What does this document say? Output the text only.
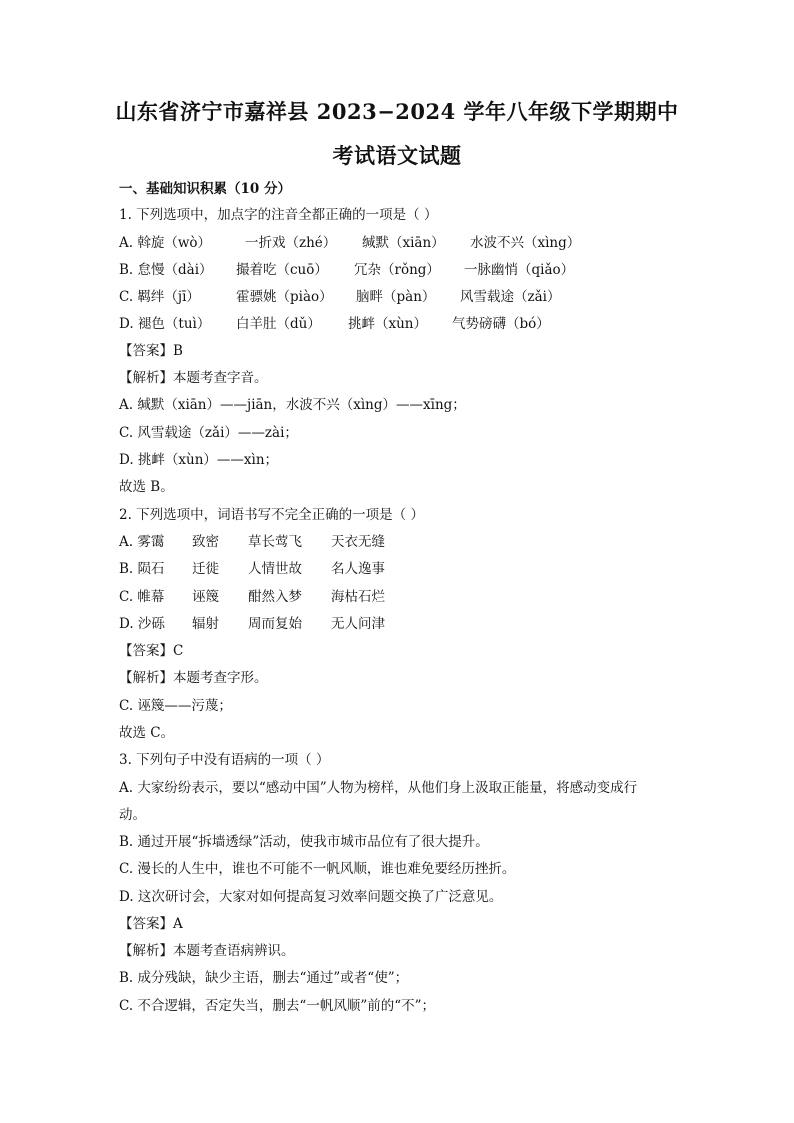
山东省济宁市嘉祥县 2023−2024 学年八年级下学期期中
考试语文试题
一、基础知识积累（10 分）
1. 下列选项中，加点字的注音全都正确的一项是（ ）
A. 斡旋（wò）	一折戏（zhé） 缄默（xiān） 水波不兴（xìng）
B. 怠慢（dài） 撮着吃（cuō） 冗杂（rǒng） 一脉幽悄（qiǎo）
C. 羁绊（jī）	霍骠姚（piào） 脑畔（pàn） 风雪载途（zǎi）
D. 褪色（tuì） 白羊肚（dǔ） 挑衅（xùn） 气势磅礴（bó）
【答案】B
【解析】本题考查字音。
A. 缄默（xiān）——jiān，水波不兴（xìng）——xīng；
C. 风雪载途（zǎi）——zài；
D. 挑衅（xùn）——xìn；
故选 B。
2. 下列选项中，词语书写不完全正确的一项是（ ）
A. 雾霭 致密 草长莺飞 天衣无缝
B. 陨石 迁徙 人情世故 名人逸事
C. 帷幕 诬篾 酣然入梦 海枯石烂
D. 沙砾 辐射 周而复始 无人问津
【答案】C
【解析】本题考查字形。
C. 诬篾——污蔑；
故选 C。
3. 下列句子中没有语病的一项（ ）
A. 大家纷纷表示，要以“感动中国”人物为榜样，从他们身上汲取正能量，将感动变成行
动。
B. 通过开展“拆墙透绿”活动，使我市城市品位有了很大提升。
C. 漫长的人生中，谁也不可能不一帆风顺，谁也难免要经历挫折。
D. 这次研讨会，大家对如何提高复习效率问题交换了广泛意见。
【答案】A
【解析】本题考查语病辨识。
B. 成分残缺，缺少主语，删去“通过”或者“使”；
C. 不合逻辑，否定失当，删去“一帆风顺”前的“不”；
